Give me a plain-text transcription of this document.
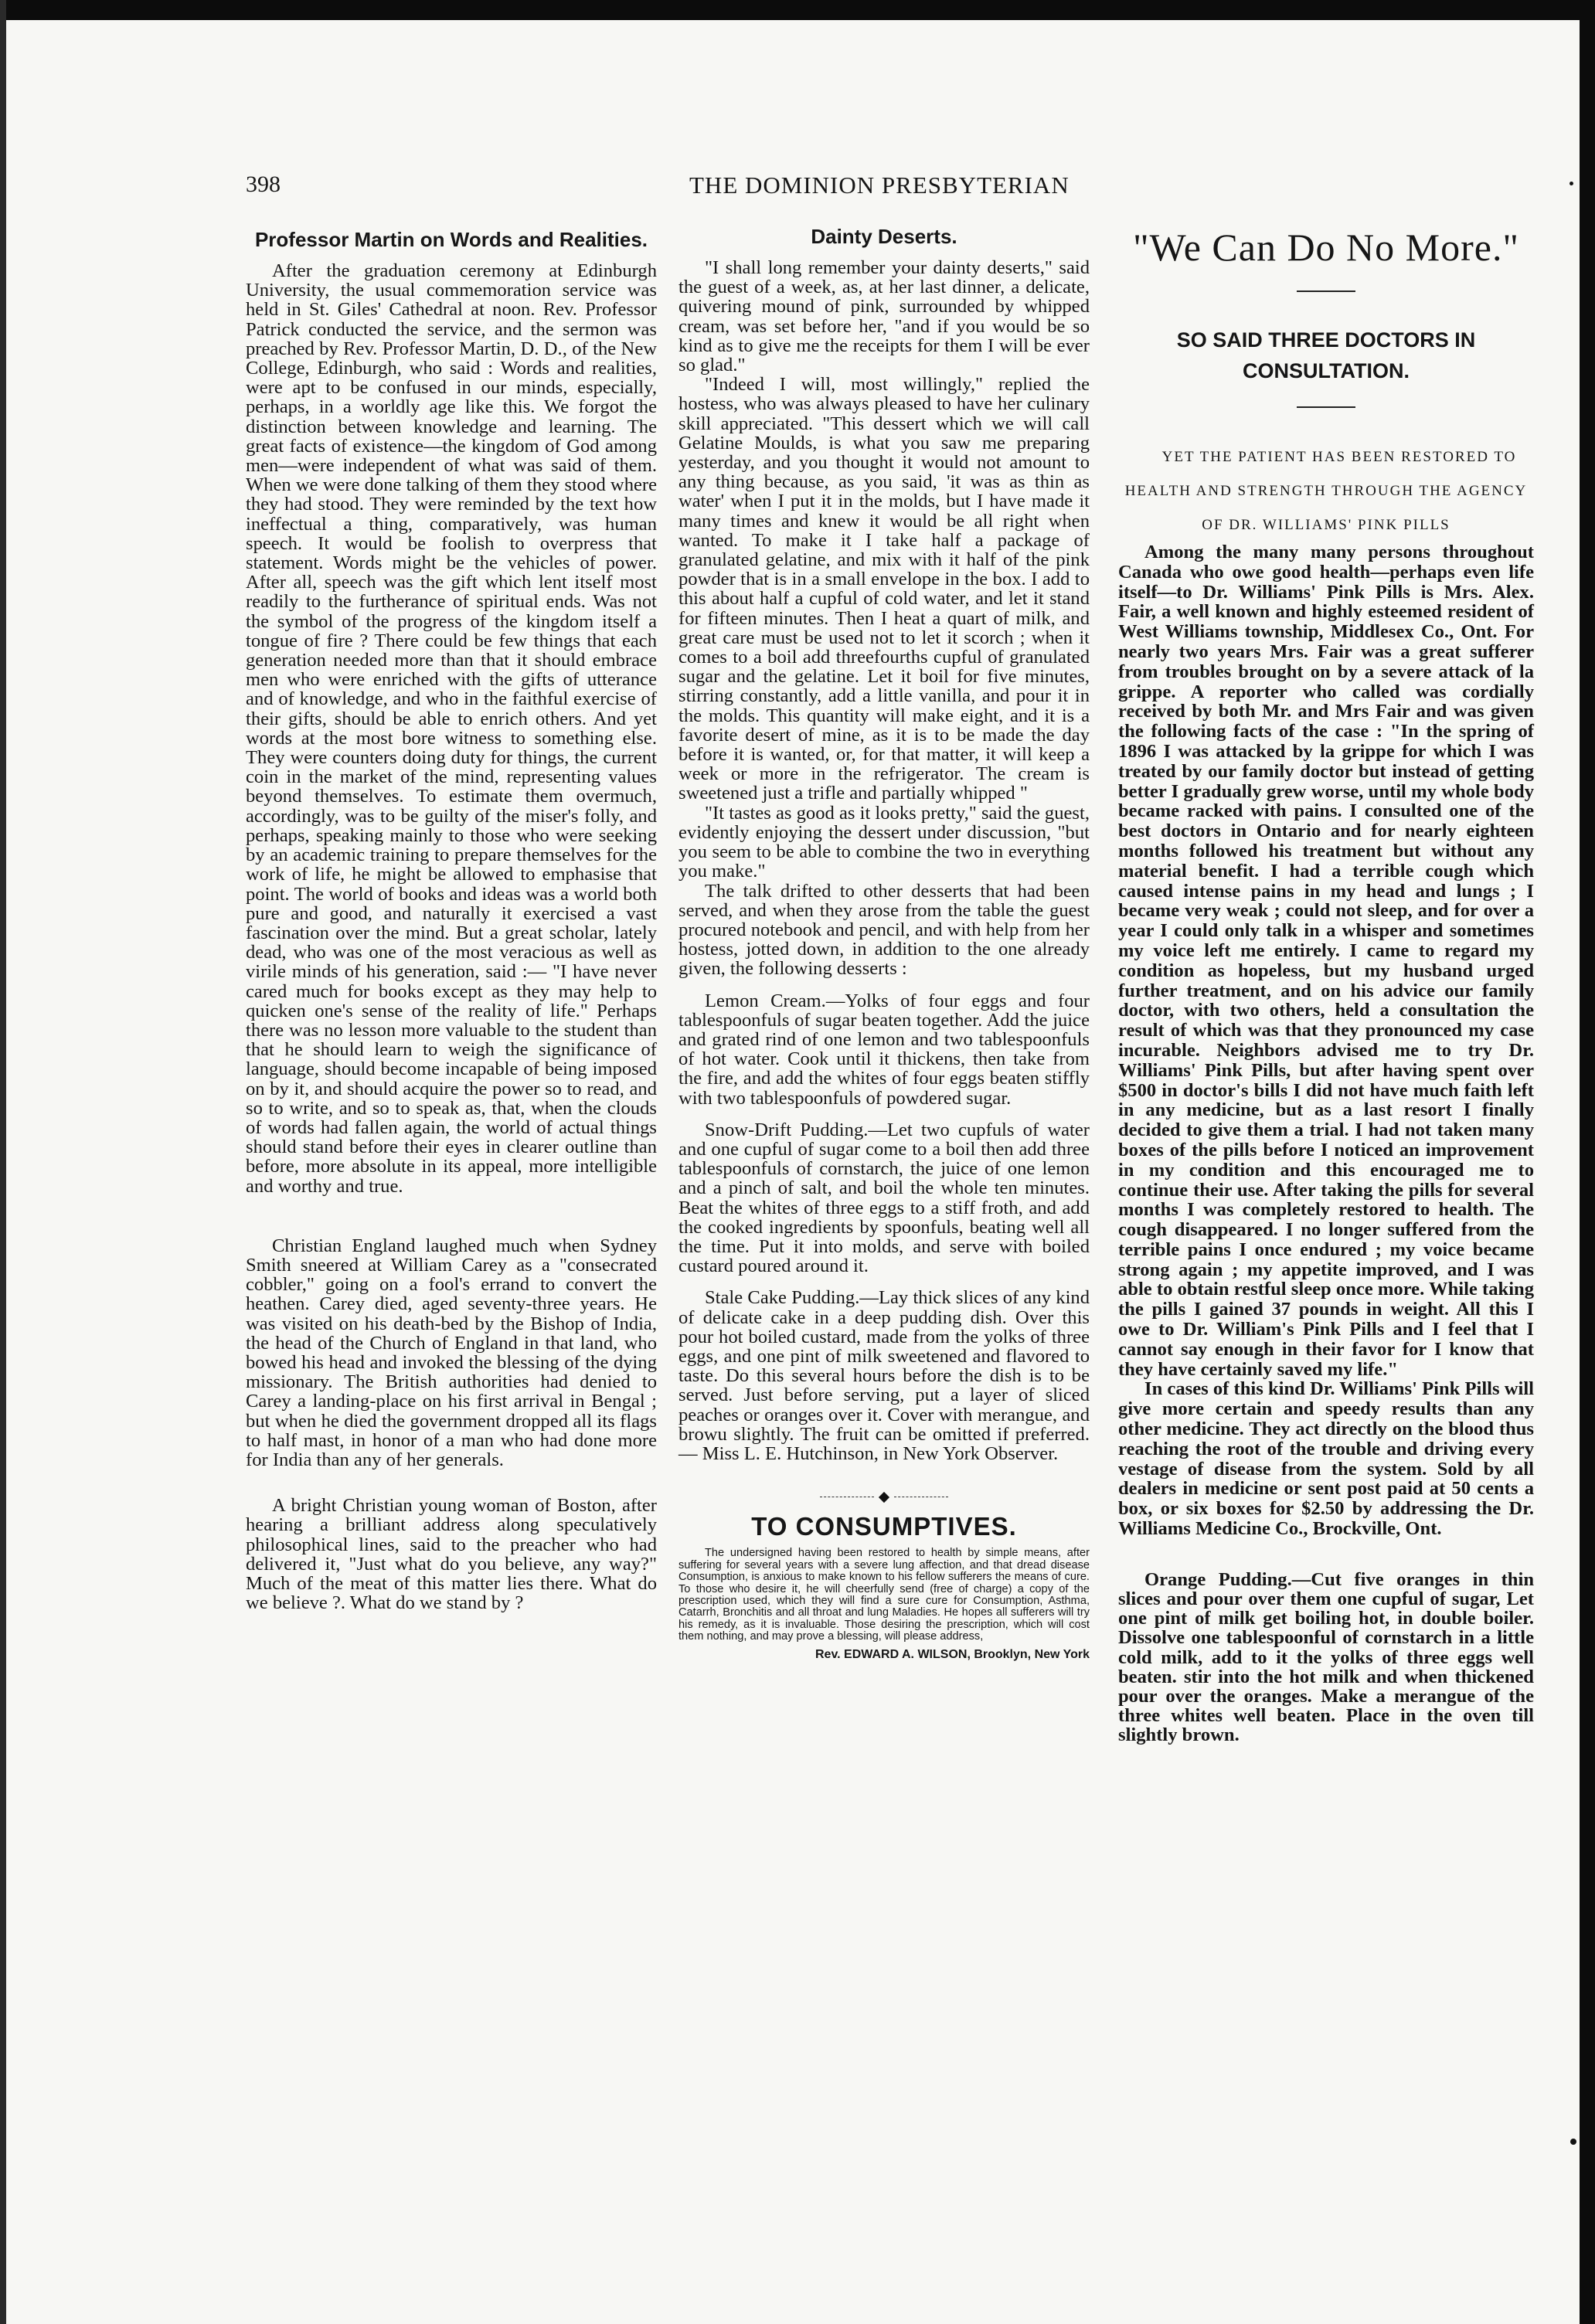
398	THE DOMINION PRESBYTERIAN
Professor Martin on Words and Realities.

After the graduation ceremony at Edinburgh University, the usual commemoration service was held in St. Giles' Cathedral at noon. Rev. Professor Patrick conducted the service, and the sermon was preached by Rev. Professor Martin, D. D., of the New College, Edinburgh, who said : Words and realities, were apt to be confused in our minds, especially, perhaps, in a worldly age like this. We forgot the distinction between knowledge and learning. The great facts of existence—the kingdom of God among men—were independent of what was said of them. When we were done talking of them they stood where they had stood. They were reminded by the text how ineffectual a thing, comparatively, was human speech. It would be foolish to overpress that statement. Words might be the vehicles of power. After all, speech was the gift which lent itself most readily to the furtherance of spiritual ends. Was not the symbol of the progress of the kingdom itself a tongue of fire ? There could be few things that each generation needed more than that it should embrace men who were enriched with the gifts of utterance and of knowledge, and who in the faithful exercise of their gifts, should be able to enrich others. And yet words at the most bore witness to something else. They were counters doing duty for things, the current coin in the market of the mind, representing values beyond themselves. To estimate them overmuch, accordingly, was to be guilty of the miser's folly, and perhaps, speaking mainly to those who were seeking by an academic training to prepare themselves for the work of life, he might be allowed to emphasise that point. The world of books and ideas was a world both pure and good, and naturally it exercised a vast fascination over the mind. But a great scholar, lately dead, who was one of the most veracious as well as virile minds of his generation, said :— "I have never cared much for books except as they may help to quicken one's sense of the reality of life." Perhaps there was no lesson more valuable to the student than that he should learn to weigh the significance of language, should become incapable of being imposed on by it, and should acquire the power so to read, and so to write, and so to speak as, that, when the clouds of words had fallen again, the world of actual things should stand before their eyes in clearer outline than before, more absolute in its appeal, more intelligible and worthy and true.

Christian England laughed much when Sydney Smith sneered at William Carey as a "consecrated cobbler," going on a fool's errand to convert the heathen. Carey died, aged seventy-three years. He was visited on his death-bed by the Bishop of India, the head of the Church of England in that land, who bowed his head and invoked the blessing of the dying missionary. The British authorities had denied to Carey a landing-place on his first arrival in Bengal ; but when he died the government dropped all its flags to half mast, in honor of a man who had done more for India than any of her generals.

A bright Christian young woman of Boston, after hearing a brilliant address along speculatively philosophical lines, said to the preacher who had delivered it, "Just what do you believe, any way?" Much of the meat of this matter lies there. What do we believe ?. What do we stand by ?

Dainty Deserts.

"I shall long remember your dainty deserts," said the guest of a week, as, at her last dinner, a delicate, quivering mound of pink, surrounded by whipped cream, was set before her, "and if you would be so kind as to give me the receipts for them I will be ever so glad."

"Indeed I will, most willingly," replied the hostess, who was always pleased to have her culinary skill appreciated. "This dessert which we will call Gelatine Moulds, is what you saw me preparing yesterday, and you thought it would not amount to any thing because, as you said, 'it was as thin as water' when I put it in the molds, but I have made it many times and knew it would be all right when wanted. To make it I take half a package of granulated gelatine, and mix with it half of the pink powder that is in a small envelope in the box. I add to this about half a cupful of cold water, and let it stand for fifteen minutes. Then I heat a quart of milk, and great care must be used not to let it scorch ; when it comes to a boil add threefourths cupful of granulated sugar and the gelatine. Let it boil for five minutes, stirring constantly, add a little vanilla, and pour it in the molds. This quantity will make eight, and it is a favorite desert of mine, as it is to be made the day before it is wanted, or, for that matter, it will keep a week or more in the refrigerator. The cream is sweetened just a trifle and partially whipped "

"It tastes as good as it looks pretty," said the guest, evidently enjoying the dessert under discussion, "but you seem to be able to combine the two in everything you make."

The talk drifted to other desserts that had been served, and when they arose from the table the guest procured notebook and pencil, and with help from her hostess, jotted down, in addition to the one already given, the following desserts :

Lemon Cream.—Yolks of four eggs and four tablespoonfuls of sugar beaten together. Add the juice and grated rind of one lemon and two tablespoonfuls of hot water. Cook until it thickens, then take from the fire, and add the whites of four eggs beaten stiffly with two tablespoonfuls of powdered sugar.

Snow-Drift Pudding.—Let two cupfuls of water and one cupful of sugar come to a boil then add three tablespoonfuls of cornstarch, the juice of one lemon and a pinch of salt, and boil the whole ten minutes. Beat the whites of three eggs to a stiff froth, and add the cooked ingredients by spoonfuls, beating well all the time. Put it into molds, and serve with boiled custard poured around it.

Stale Cake Pudding.—Lay thick slices of any kind of delicate cake in a deep pudding dish. Over this pour hot boiled custard, made from the yolks of three eggs, and one pint of milk sweetened and flavored to taste. Do this several hours before the dish is to be served. Just before serving, put a layer of sliced peaches or oranges over it. Cover with merangue, and browu slightly. The fruit can be omitted if preferred.— Miss L. E. Hutchinson, in New York Observer.

TO CONSUMPTIVES.

The undersigned having been restored to health by simple means, after suffering for several years with a severe lung affection, and that dread disease Consumption, is anxious to make known to his fellow sufferers the means of cure. To those who desire it, he will cheerfully send (free of charge) a copy of the prescription used, which they will find a sure cure for Consumption, Asthma, Catarrh, Bronchitis and all throat and lung Maladies. He hopes all sufferers will try his remedy, as it is invaluable. Those desiring the prescription, which will cost them nothing, and may prove a blessing, will please address,

Rev. EDWARD A. WILSON, Brooklyn, New York
"We Can Do No More."
SO SAID THREE DOCTORS IN CONSULTATION.

YET THE PATIENT HAS BEEN RESTORED TO HEALTH AND STRENGTH THROUGH THE AGENCY OF DR. WILLIAMS' PINK PILLS

Among the many many persons throughout Canada who owe good health—perhaps even life itself—to Dr. Williams' Pink Pills is Mrs. Alex. Fair, a well known and highly esteemed resident of West Williams township, Middlesex Co., Ont. For nearly two years Mrs. Fair was a great sufferer from troubles brought on by a severe attack of la grippe. A reporter who called was cordially received by both Mr. and Mrs Fair and was given the following facts of the case : "In the spring of 1896 I was attacked by la grippe for which I was treated by our family doctor but instead of getting better I gradually grew worse, until my whole body became racked with pains. I consulted one of the best doctors in Ontario and for nearly eighteen months followed his treatment but without any material benefit. I had a terrible cough which caused intense pains in my head and lungs ; I became very weak ; could not sleep, and for over a year I could only talk in a whisper and sometimes my voice left me entirely. I came to regard my condition as hopeless, but my husband urged further treatment, and on his advice our family doctor, with two others, held a consultation the result of which was that they pronounced my case incurable. Neighbors advised me to try Dr. Williams' Pink Pills, but after having spent over $500 in doctor's bills I did not have much faith left in any medicine, but as a last resort I finally decided to give them a trial. I had not taken many boxes of the pills before I noticed an improvement in my condition and this encouraged me to continue their use. After taking the pills for several months I was completely restored to health. The cough disappeared. I no longer suffered from the terrible pains I once endured ; my voice became strong again ; my appetite improved, and I was able to obtain restful sleep once more. While taking the pills I gained 37 pounds in weight. All this I owe to Dr. William's Pink Pills and I feel that I cannot say enough in their favor for I know that they have certainly saved my life."

In cases of this kind Dr. Williams' Pink Pills will give more certain and speedy results than any other medicine. They act directly on the blood thus reaching the root of the trouble and driving every vestage of disease from the system. Sold by all dealers in medicine or sent post paid at 50 cents a box, or six boxes for $2.50 by addressing the Dr. Williams Medicine Co., Brockville, Ont.

Orange Pudding.—Cut five oranges in thin slices and pour over them one cupful of sugar, Let one pint of milk get boiling hot, in double boiler. Dissolve one tablespoonful of cornstarch in a little cold milk, add to it the yolks of three eggs well beaten. stir into the hot milk and when thickened pour over the oranges. Make a merangue of the three whites well beaten. Place in the oven till slightly brown.
